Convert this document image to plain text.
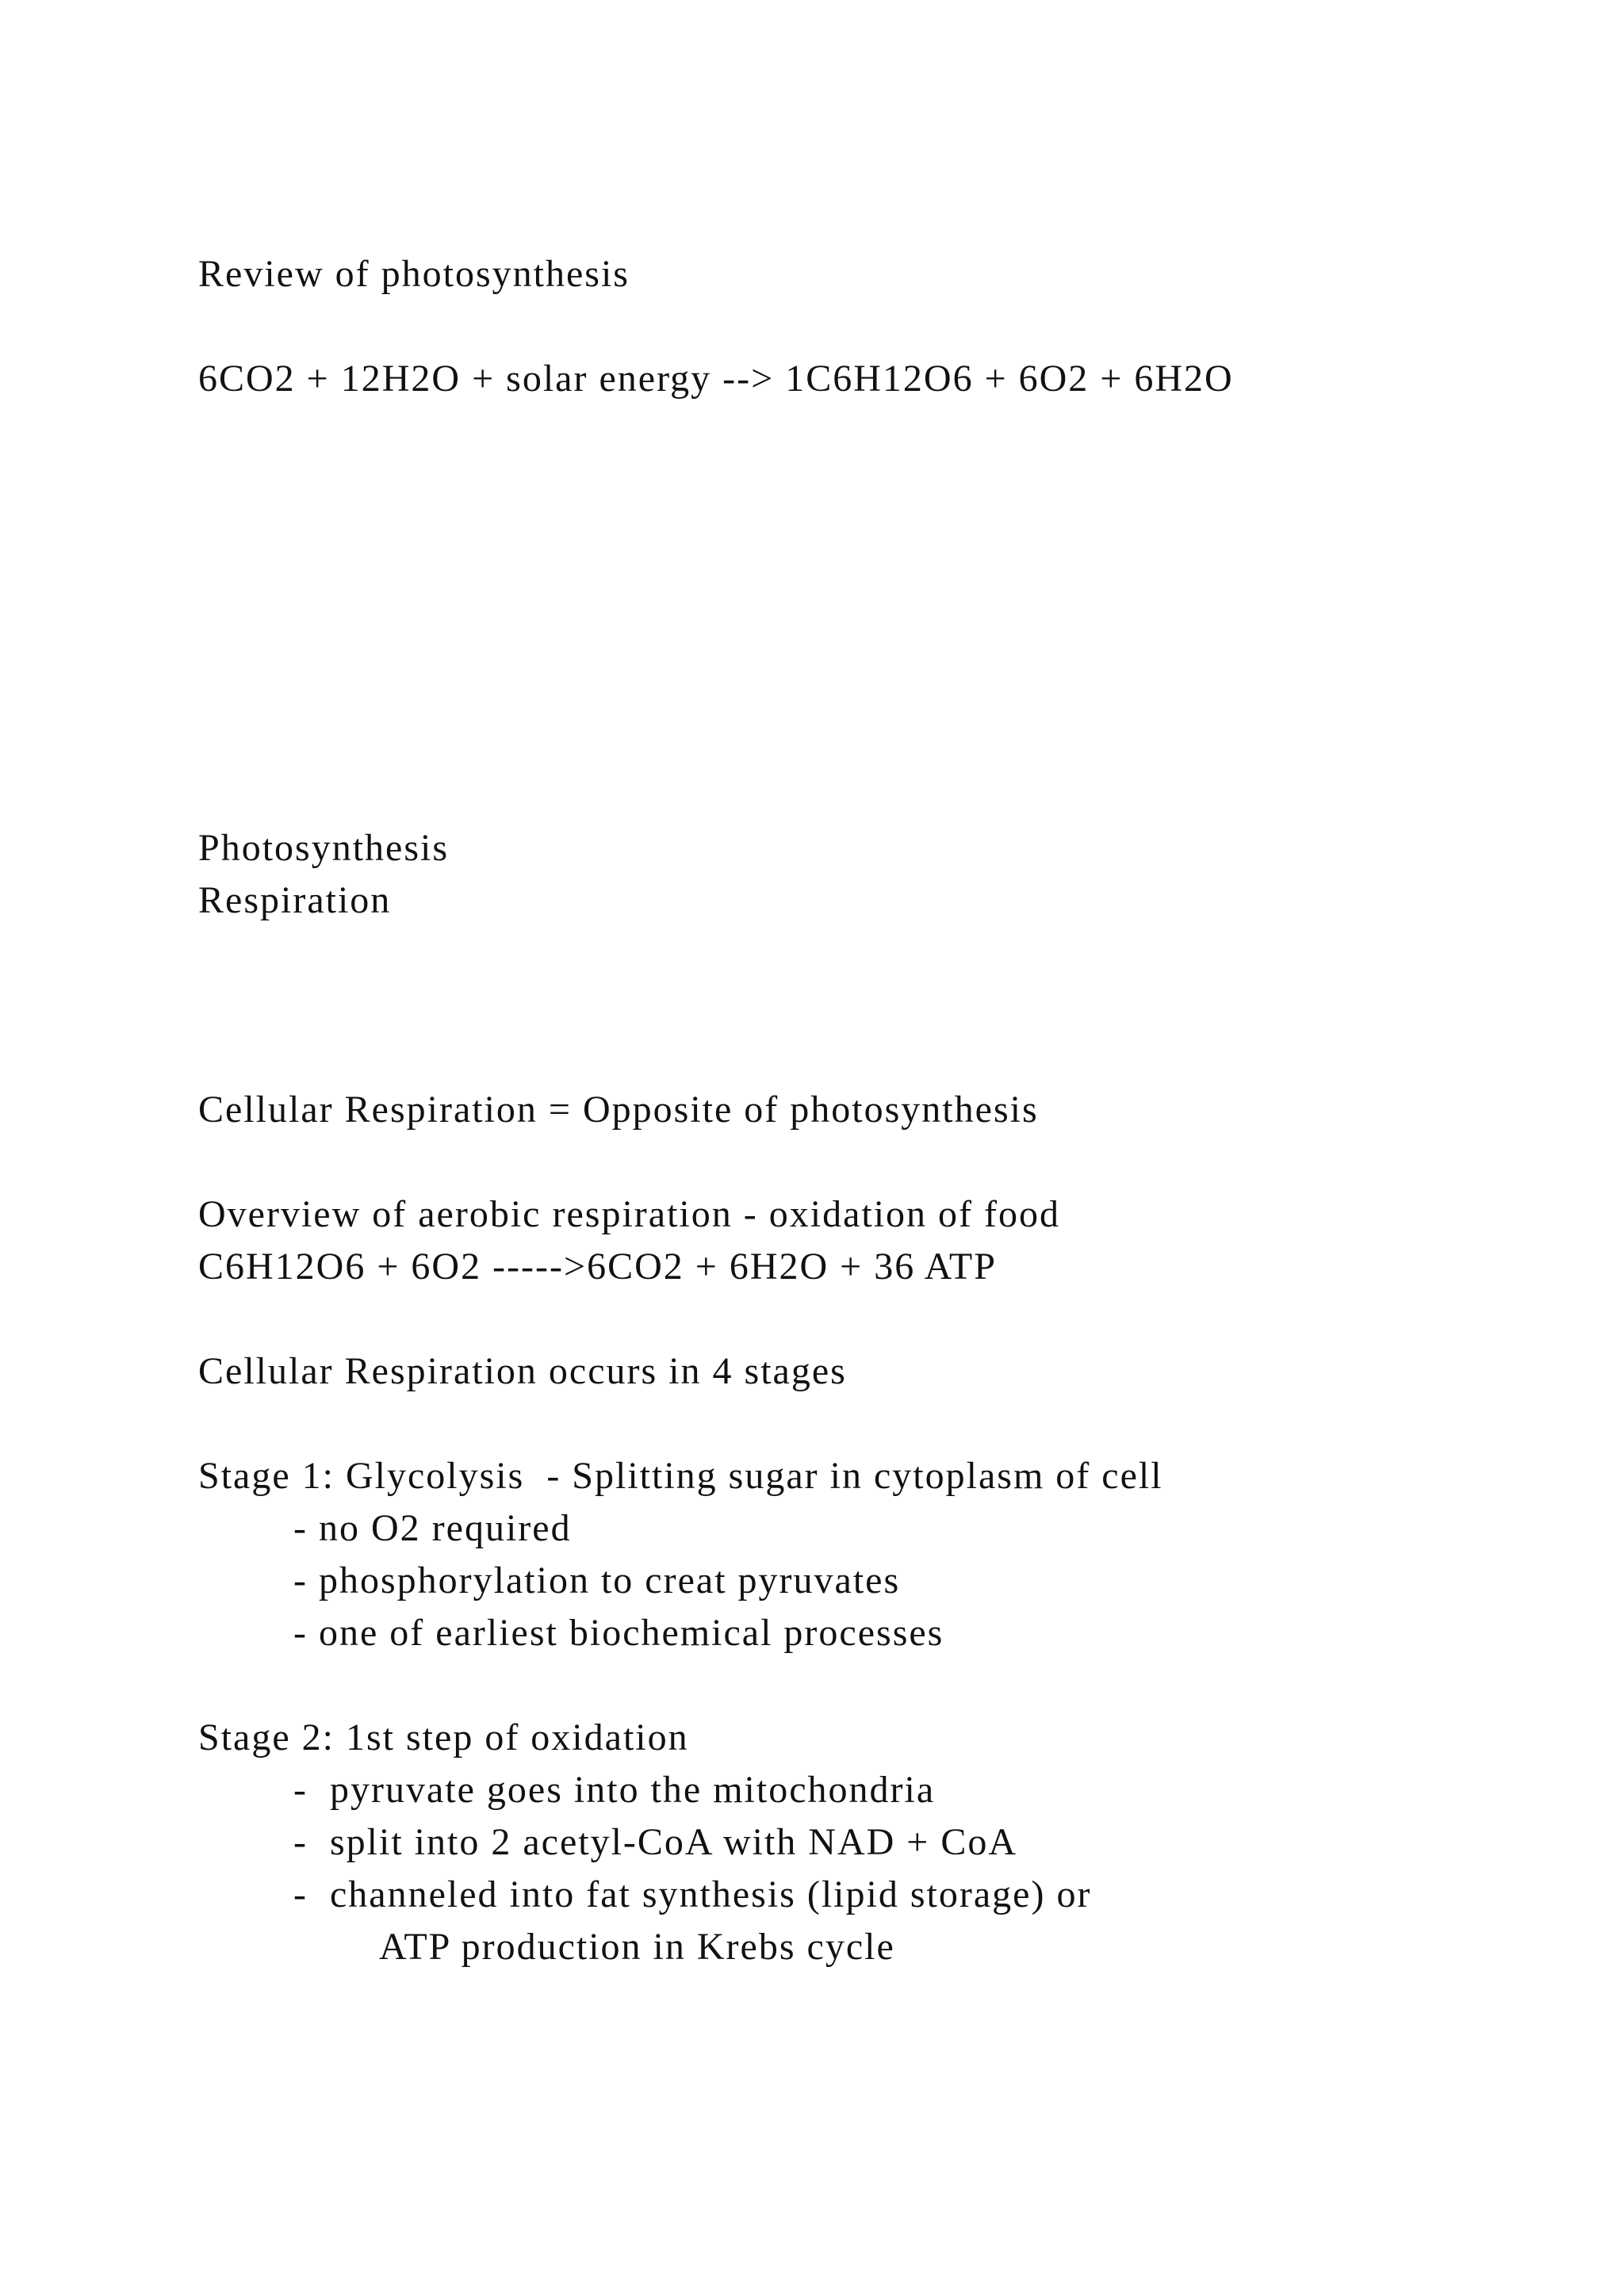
Review of photosynthesis
6CO2 + 12H2O + solar energy --> 1C6H12O6 + 6O2 + 6H2O
Photosynthesis
Respiration
Cellular Respiration = Opposite of photosynthesis
Overview of aerobic respiration - oxidation of food
C6H12O6 + 6O2 ----->6CO2 + 6H2O + 36 ATP
Cellular Respiration occurs in 4 stages
Stage 1: Glycolysis  - Splitting sugar in cytoplasm of cell
- no O2 required
- phosphorylation to creat pyruvates
- one of earliest biochemical processes
Stage 2: 1st step of oxidation
-  pyruvate goes into the mitochondria
-  split into 2 acetyl-CoA with NAD + CoA
-  channeled into fat synthesis (lipid storage) or
ATP production in Krebs cycle
